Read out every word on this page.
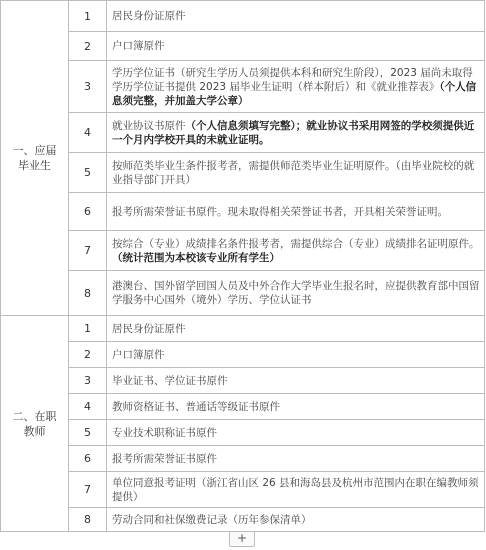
一、应届
毕业生	1	居民身份证原件
	2	户口簿原件
	3	学历学位证书（研究生学历人员须提供本科和研究生阶段），2023 届尚未取得学历学位证书提供 2023 届毕业生证明（样本附后）和《就业推荐表》（个人信息须完整，并加盖大学公章）
	4	就业协议书原件（个人信息须填写完整）；就业协议书采用网签的学校须提供近一个月内学校开具的未就业证明。
	5	按师范类毕业生条件报考者，需提供师范类毕业生证明原件。（由毕业院校的就业指导部门开具）
	6	报考所需荣誉证书原件。现未取得相关荣誉证书者，开具相关荣誉证明。
	7	按综合（专业）成绩排名条件报考者，需提供综合（专业）成绩排名证明原件。（统计范围为本校该专业所有学生）
	8	港澳台、国外留学回国人员及中外合作大学毕业生报名时，应提供教育部中国留学服务中心国外（境外）学历、学位认证书
二、在职
教师	1	居民身份证原件
	2	户口簿原件
	3	毕业证书、学位证书原件
	4	教师资格证书、普通话等级证书原件
	5	专业技术职称证书原件
	6	报考所需荣誉证书原件
	7	单位同意报考证明（浙江省山区 26 县和海岛县及杭州市范围内在职在编教师须提供）
	8	劳动合同和社保缴费记录（历年参保清单）
+
